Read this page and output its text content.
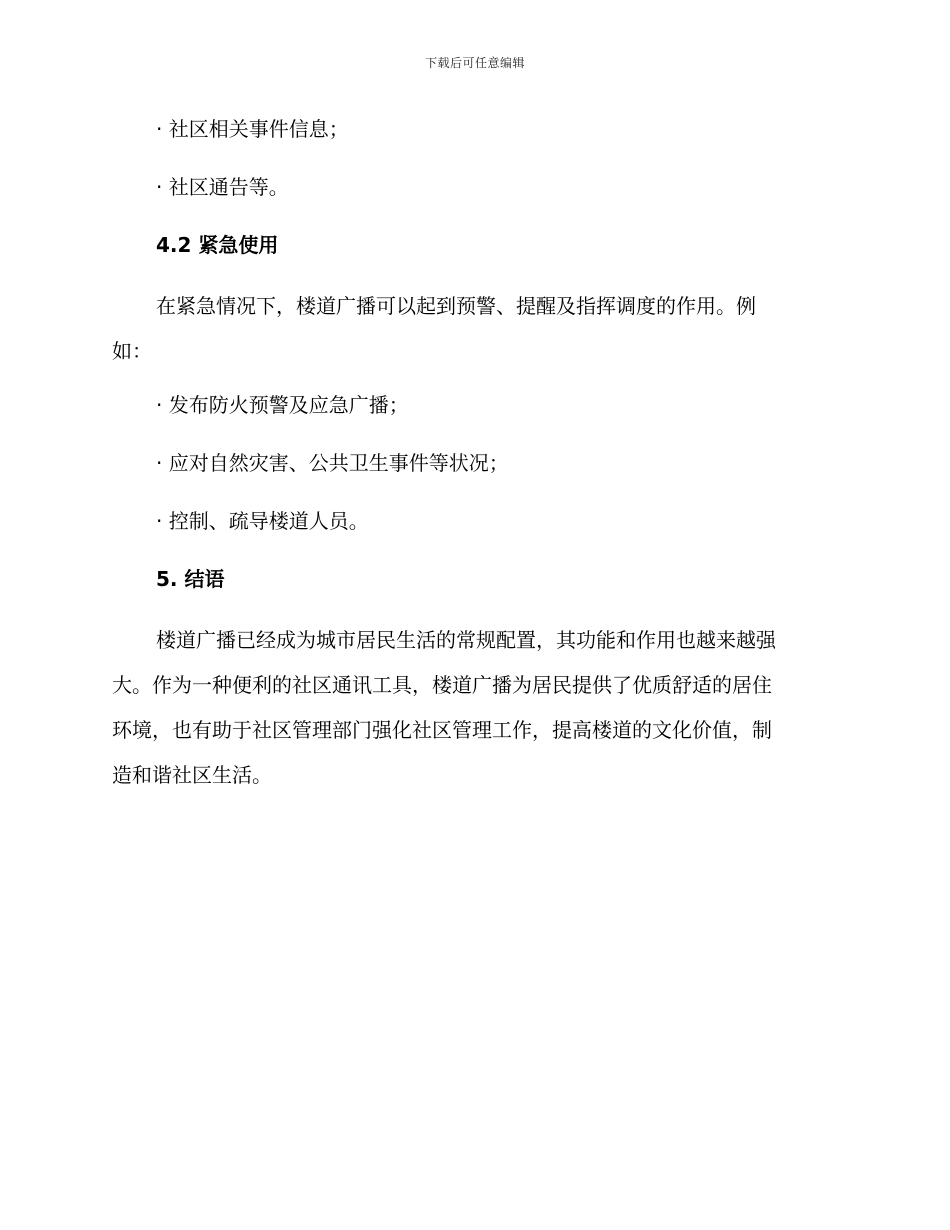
下载后可任意编辑
· 社区相关事件信息；
· 社区通告等。
4.2 紧急使用
在紧急情况下，楼道广播可以起到预警、提醒及指挥调度的作用。例
如：
· 发布防火预警及应急广播；
· 应对自然灾害、公共卫生事件等状况；
· 控制、疏导楼道人员。
5. 结语
楼道广播已经成为城市居民生活的常规配置，其功能和作用也越来越强
大。作为一种便利的社区通讯工具，楼道广播为居民提供了优质舒适的居住
环境，也有助于社区管理部门强化社区管理工作，提高楼道的文化价值，制
造和谐社区生活。
